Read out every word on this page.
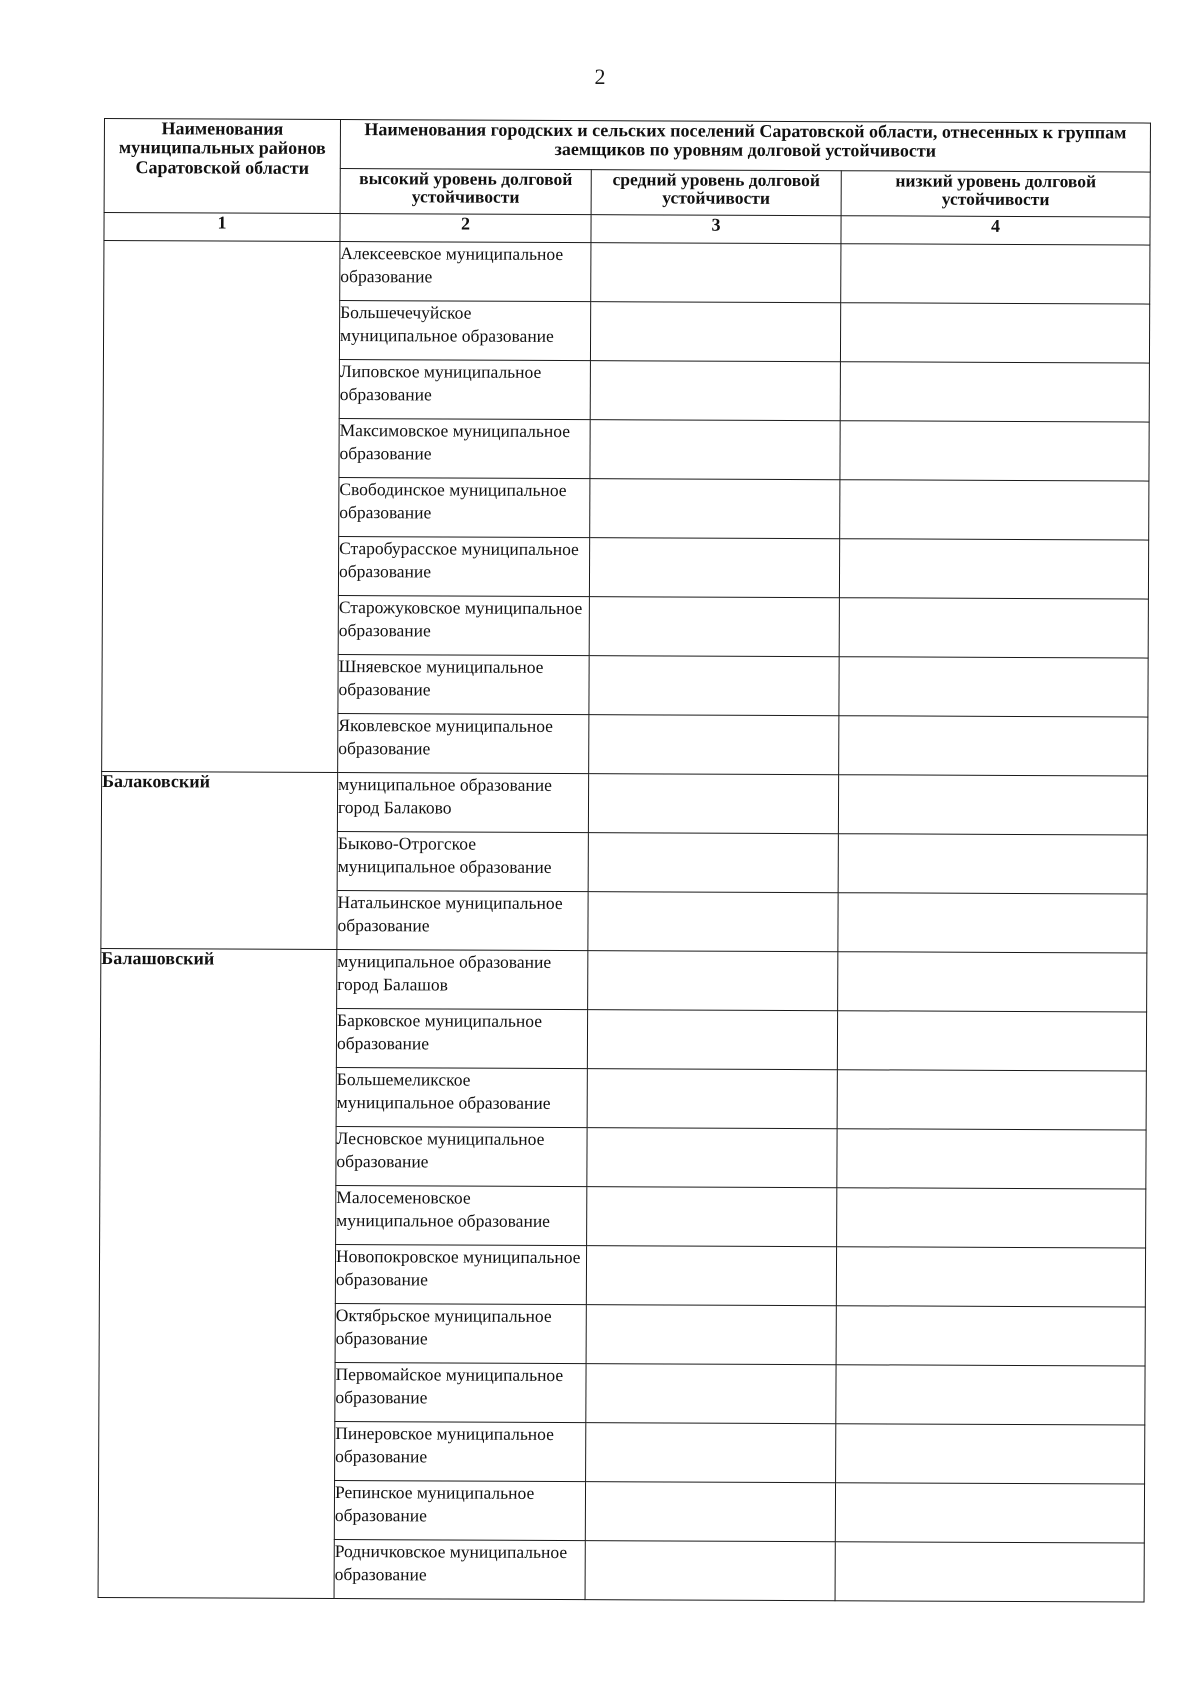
2
Наименования муниципальных районов Саратовской области	Наименования городских и сельских поселений Саратовской области, отнесенных к группам заемщиков по уровням долговой устойчивости		
	высокий уровень долговой устойчивости	средний уровень долговой устойчивости	низкий уровень долговой устойчивости
1	2	3	4
	Алексеевское муниципальное образование		
	Большечечуйское муниципальное образование		
	Липовское муниципальное образование		
	Максимовское муниципальное образование		
	Свободинское муниципальное образование		
	Старобурасское муниципальное образование		
	Старожуковское муниципальное образование		
	Шняевское муниципальное образование		
	Яковлевское муниципальное образование		
Балаковский	муниципальное образование город Балаково		
	Быково-Отрогское муниципальное образование		
	Натальинское муниципальное образование		
Балашовский	муниципальное образование город Балашов		
	Барковское муниципальное образование		
	Большемеликское муниципальное образование		
	Лесновское муниципальное образование		
	Малосеменовское муниципальное образование		
	Новопокровское муниципальное образование		
	Октябрьское муниципальное образование		
	Первомайское муниципальное образование		
	Пинеровское муниципальное образование		
	Репинское муниципальное образование		
	Родничковское муниципальное образование		
